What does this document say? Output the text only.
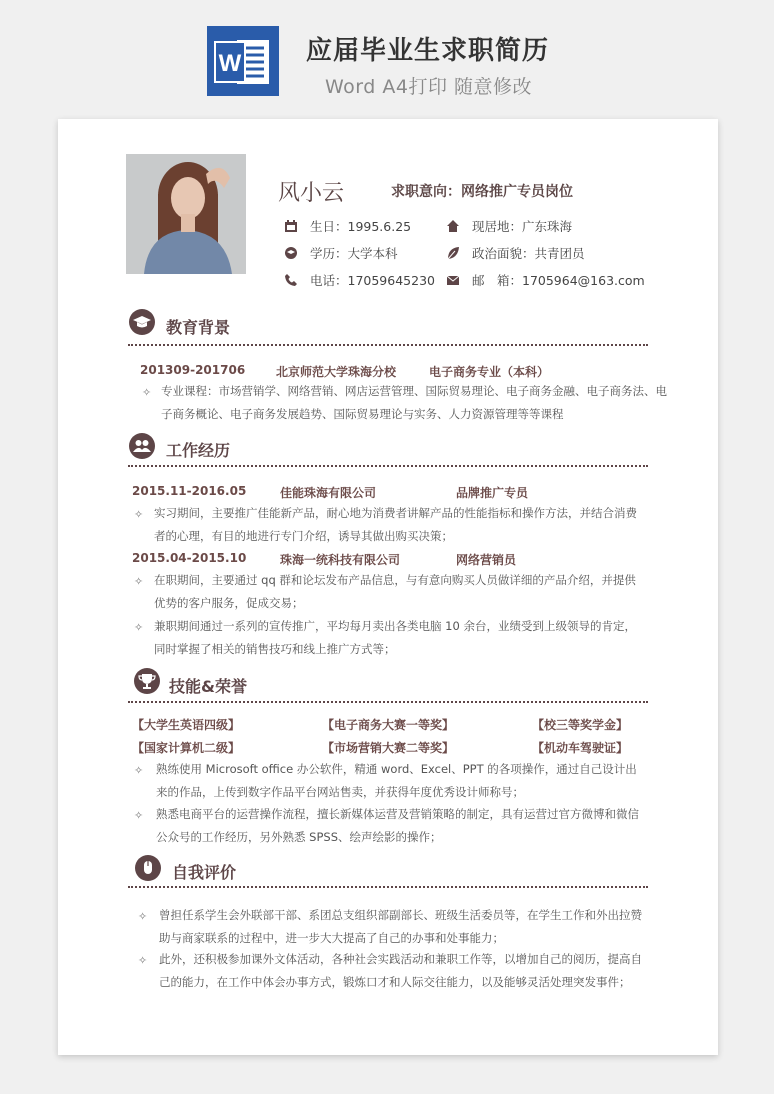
W 应届毕业生求职简历
Word A4打印 随意修改
风小云	求职意向：网络推广专员岗位
生日：1995.6.25	现居地：广东珠海
学历：大学本科	政治面貌：共青团员
电话：17059645230	邮　箱：1705964@163.com
教育背景
201309-201706	北京师范大学珠海分校	电子商务专业（本科）
✧ 专业课程：市场营销学、网络营销、网店运营管理、国际贸易理论、电子商务金融、电子商务法、电子商务概论、电子商务发展趋势、国际贸易理论与实务、人力资源管理等等课程
工作经历
2015.11-2016.05	佳能珠海有限公司	品牌推广专员
✧ 实习期间，主要推广佳能新产品，耐心地为消费者讲解产品的性能指标和操作方法，并结合消费者的心理，有目的地进行专门介绍，诱导其做出购买决策；
2015.04-2015.10	珠海一统科技有限公司	网络营销员
✧ 在职期间，主要通过 qq 群和论坛发布产品信息，与有意向购买人员做详细的产品介绍，并提供优势的客户服务，促成交易；
✧ 兼职期间通过一系列的宣传推广，平均每月卖出各类电脑 10 余台，业绩受到上级领导的肯定，同时掌握了相关的销售技巧和线上推广方式等；
技能&荣誉
【大学生英语四级】	【电子商务大赛一等奖】	【校三等奖学金】
【国家计算机二级】	【市场营销大赛二等奖】	【机动车驾驶证】
✧ 熟练使用 Microsoft office 办公软件，精通 word、Excel、PPT 的各项操作，通过自己设计出来的作品，上传到数字作品平台网站售卖，并获得年度优秀设计师称号；
✧ 熟悉电商平台的运营操作流程，擅长新媒体运营及营销策略的制定，具有运营过官方微博和微信公众号的工作经历，另外熟悉 SPSS、绘声绘影的操作；
自我评价
✧ 曾担任系学生会外联部干部、系团总支组织部副部长、班级生活委员等，在学生工作和外出拉赞助与商家联系的过程中，进一步大大提高了自己的办事和处事能力；
✧ 此外，还积极参加课外文体活动，各种社会实践活动和兼职工作等，以增加自己的阅历，提高自己的能力，在工作中体会办事方式，锻炼口才和人际交往能力，以及能够灵活处理突发事件；
